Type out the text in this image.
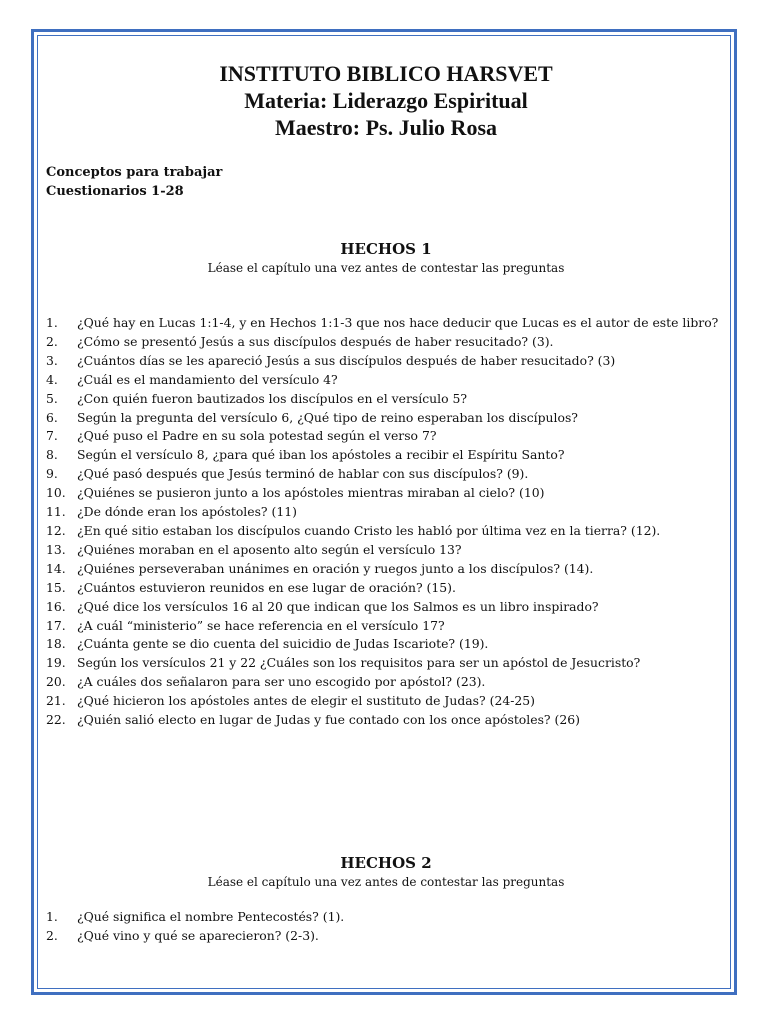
INSTITUTO BIBLICO HARSVET
Materia: Liderazgo Espiritual
Maestro: Ps. Julio Rosa
Conceptos para trabajar
Cuestionarios 1-28
HECHOS 1
Léase el capítulo una vez antes de contestar las preguntas
1.	¿Qué hay en Lucas 1:1-4, y en Hechos 1:1-3 que nos hace deducir que Lucas es el autor de este libro?
2.	¿Cómo se presentó Jesús a sus discípulos después de haber resucitado? (3).
3.	¿Cuántos días se les apareció Jesús a sus discípulos después de haber resucitado? (3)
4.	¿Cuál es el mandamiento del versículo 4?
5.	¿Con quién fueron bautizados los discípulos en el versículo 5?
6.	Según la pregunta del versículo 6, ¿Qué tipo de reino esperaban los discípulos?
7.	¿Qué puso el Padre en su sola potestad según el verso 7?
8.	Según el versículo 8, ¿para qué iban los apóstoles a recibir el Espíritu Santo?
9.	¿Qué pasó después que Jesús terminó de hablar con sus discípulos? (9).
10. ¿Quiénes se pusieron junto a los apóstoles mientras miraban al cielo? (10)
11. ¿De dónde eran los apóstoles? (11)
12. ¿En qué sitio estaban los discípulos cuando Cristo les habló por última vez en la tierra? (12).
13. ¿Quiénes moraban en el aposento alto según el versículo 13?
14. ¿Quiénes perseveraban unánimes en oración y ruegos junto a los discípulos? (14).
15. ¿Cuántos estuvieron reunidos en ese lugar de oración? (15).
16. ¿Qué dice los versículos 16 al 20 que indican que los Salmos es un libro inspirado?
17. ¿A cuál “ministerio” se hace referencia en el versículo 17?
18. ¿Cuánta gente se dio cuenta del suicidio de Judas Iscariote? (19).
19. Según los versículos 21 y 22 ¿Cuáles son los requisitos para ser un apóstol de Jesucristo?
20. ¿A cuáles dos señalaron para ser uno escogido por apóstol? (23).
21. ¿Qué hicieron los apóstoles antes de elegir el sustituto de Judas? (24-25)
22. ¿Quién salió electo en lugar de Judas y fue contado con los once apóstoles? (26)
HECHOS 2
Léase el capítulo una vez antes de contestar las preguntas
1.	¿Qué significa el nombre Pentecostés? (1).
2.	¿Qué vino y qué se aparecieron? (2-3).
